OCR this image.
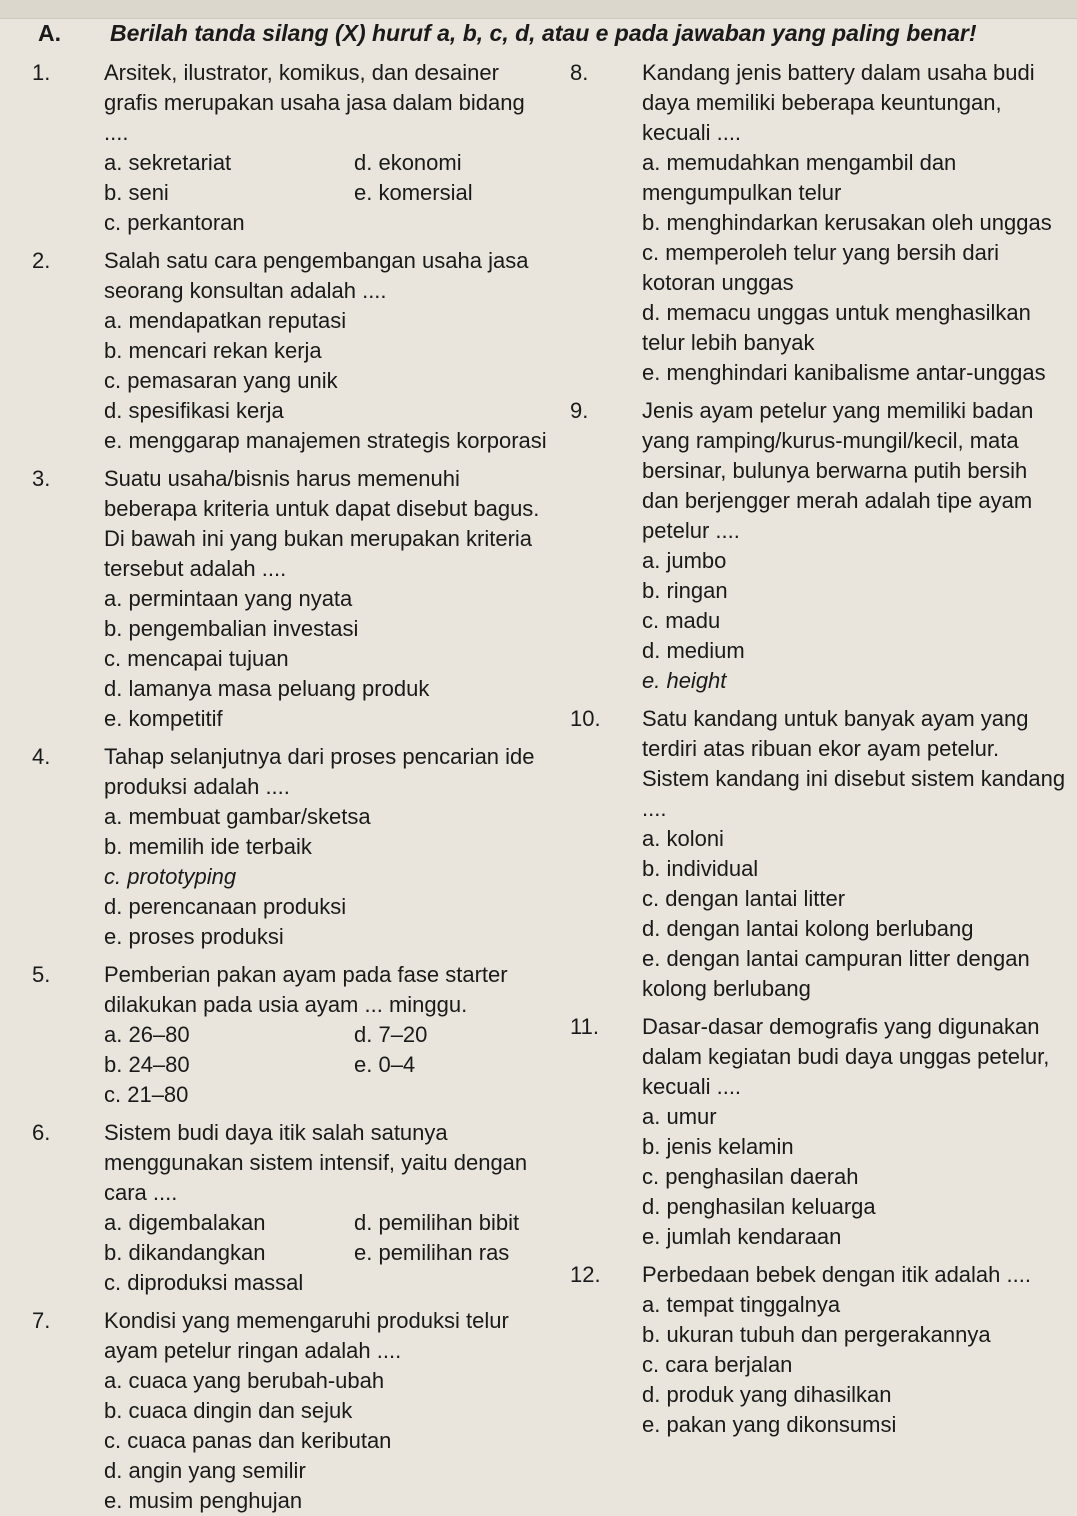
A. Berilah tanda silang (X) huruf a, b, c, d, atau e pada jawaban yang paling benar!
1.	Arsitek, ilustrator, komikus, dan desainer grafis merupakan usaha jasa dalam bidang ....

a. sekretariat	d. ekonomi
b. seni	e. komersial
c. perkantoran
2.	Salah satu cara pengembangan usaha jasa seorang konsultan adalah ....

a. mendapatkan reputasi
b. mencari rekan kerja
c. pemasaran yang unik
d. spesifikasi kerja
e. menggarap manajemen strategis korporasi
3.	Suatu usaha/bisnis harus memenuhi beberapa kriteria untuk dapat disebut bagus. Di bawah ini yang bukan merupakan kriteria tersebut adalah ....

a. permintaan yang nyata
b. pengembalian investasi
c. mencapai tujuan
d. lamanya masa peluang produk
e. kompetitif
4.	Tahap selanjutnya dari proses pencarian ide produksi adalah ....

a. membuat gambar/sketsa
b. memilih ide terbaik
c. prototyping
d. perencanaan produksi
e. proses produksi
5.	Pemberian pakan ayam pada fase starter dilakukan pada usia ayam ... minggu.

a. 26–80	d. 7–20
b. 24–80	e. 0–4
c. 21–80
6.	Sistem budi daya itik salah satunya menggunakan sistem intensif, yaitu dengan cara ....

a. digembalakan	d. pemilihan bibit
b. dikandangkan	e. pemilihan ras
c. diproduksi massal
7.	Kondisi yang memengaruhi produksi telur ayam petelur ringan adalah ....

a. cuaca yang berubah-ubah
b. cuaca dingin dan sejuk
c. cuaca panas dan keributan
d. angin yang semilir
e. musim penghujan
8.	Kandang jenis battery dalam usaha budi daya memiliki beberapa keuntungan, kecuali ....

a. memudahkan mengambil dan mengumpulkan telur
b. menghindarkan kerusakan oleh unggas
c. memperoleh telur yang bersih dari kotoran unggas
d. memacu unggas untuk menghasilkan telur lebih banyak
e. menghindari kanibalisme antar-unggas
9.	Jenis ayam petelur yang memiliki badan yang ramping/kurus-mungil/kecil, mata bersinar, bulunya berwarna putih bersih dan berjengger merah adalah tipe ayam petelur ....

a. jumbo
b. ringan
c. madu
d. medium
e. height
10.	Satu kandang untuk banyak ayam yang terdiri atas ribuan ekor ayam petelur. Sistem kandang ini disebut sistem kandang ....

a. koloni
b. individual
c. dengan lantai litter
d. dengan lantai kolong berlubang
e. dengan lantai campuran litter dengan kolong berlubang
11.	Dasar-dasar demografis yang digunakan dalam kegiatan budi daya unggas petelur, kecuali ....

a. umur
b. jenis kelamin
c. penghasilan daerah
d. penghasilan keluarga
e. jumlah kendaraan
12.	Perbedaan bebek dengan itik adalah ....

a. tempat tinggalnya
b. ukuran tubuh dan pergerakannya
c. cara berjalan
d. produk yang dihasilkan
e. pakan yang dikonsumsi
